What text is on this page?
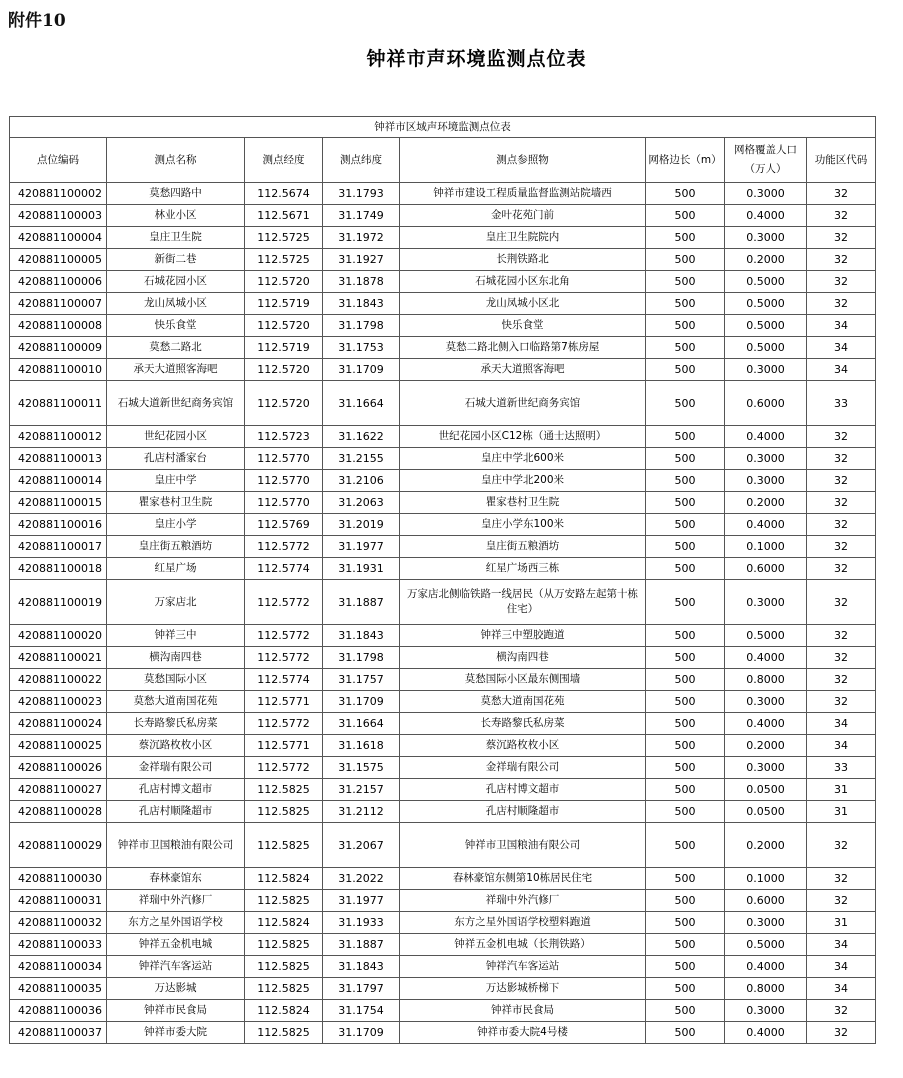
附件10
钟祥市声环境监测点位表
钟祥市区域声环境监测点位表							
点位编码	测点名称	测点经度	测点纬度	测点参照物	网格边长（m）	网格覆盖人口（万人）	功能区代码
420881100002	莫愁四路中	112.5674	31.1793	钟祥市建设工程质量监督监测站院墙西	500	0.3000	32
420881100003	林业小区	112.5671	31.1749	金叶花苑门前	500	0.4000	32
420881100004	皇庄卫生院	112.5725	31.1972	皇庄卫生院院内	500	0.3000	32
420881100005	新街二巷	112.5725	31.1927	长荆铁路北	500	0.2000	32
420881100006	石城花园小区	112.5720	31.1878	石城花园小区东北角	500	0.5000	32
420881100007	龙山凤城小区	112.5719	31.1843	龙山凤城小区北	500	0.5000	32
420881100008	快乐食堂	112.5720	31.1798	快乐食堂	500	0.5000	34
420881100009	莫愁二路北	112.5719	31.1753	莫愁二路北侧入口临路第7栋房屋	500	0.5000	34
420881100010	承天大道照客海吧	112.5720	31.1709	承天大道照客海吧	500	0.3000	34
420881100011	石城大道新世纪商务宾馆	112.5720	31.1664	石城大道新世纪商务宾馆	500	0.6000	33
420881100012	世纪花园小区	112.5723	31.1622	世纪花园小区C12栋（通士达照明）	500	0.4000	32
420881100013	孔店村潘家台	112.5770	31.2155	皇庄中学北600米	500	0.3000	32
420881100014	皇庄中学	112.5770	31.2106	皇庄中学北200米	500	0.3000	32
420881100015	瞿家巷村卫生院	112.5770	31.2063	瞿家巷村卫生院	500	0.2000	32
420881100016	皇庄小学	112.5769	31.2019	皇庄小学东100米	500	0.4000	32
420881100017	皇庄街五粮酒坊	112.5772	31.1977	皇庄街五粮酒坊	500	0.1000	32
420881100018	红星广场	112.5774	31.1931	红星广场西三栋	500	0.6000	32
420881100019	万家店北	112.5772	31.1887	万家店北侧临铁路一线居民（从万安路左起第十栋住宅）	500	0.3000	32
420881100020	钟祥三中	112.5772	31.1843	钟祥三中塑胶跑道	500	0.5000	32
420881100021	横沟南四巷	112.5772	31.1798	横沟南四巷	500	0.4000	32
420881100022	莫愁国际小区	112.5774	31.1757	莫愁国际小区最东侧围墙	500	0.8000	32
420881100023	莫愁大道南国花苑	112.5771	31.1709	莫愁大道南国花苑	500	0.3000	32
420881100024	长寿路黎氏私房菜	112.5772	31.1664	长寿路黎氏私房菜	500	0.4000	34
420881100025	蔡沉路枚枚小区	112.5771	31.1618	蔡沉路枚枚小区	500	0.2000	34
420881100026	金祥瑞有限公司	112.5772	31.1575	金祥瑞有限公司	500	0.3000	33
420881100027	孔店村博文超市	112.5825	31.2157	孔店村博文超市	500	0.0500	31
420881100028	孔店村顺隆超市	112.5825	31.2112	孔店村顺隆超市	500	0.0500	31
420881100029	钟祥市卫国粮油有限公司	112.5825	31.2067	钟祥市卫国粮油有限公司	500	0.2000	32
420881100030	春林豪馆东	112.5824	31.2022	春林豪馆东侧第10栋居民住宅	500	0.1000	32
420881100031	祥瑞中外汽修厂	112.5825	31.1977	祥瑞中外汽修厂	500	0.6000	32
420881100032	东方之星外国语学校	112.5824	31.1933	东方之星外国语学校塑料跑道	500	0.3000	31
420881100033	钟祥五金机电城	112.5825	31.1887	钟祥五金机电城（长荆铁路）	500	0.5000	34
420881100034	钟祥汽车客运站	112.5825	31.1843	钟祥汽车客运站	500	0.4000	34
420881100035	万达影城	112.5825	31.1797	万达影城桥梯下	500	0.8000	34
420881100036	钟祥市民食局	112.5824	31.1754	钟祥市民食局	500	0.3000	32
420881100037	钟祥市委大院	112.5825	31.1709	钟祥市委大院4号楼	500	0.4000	32
